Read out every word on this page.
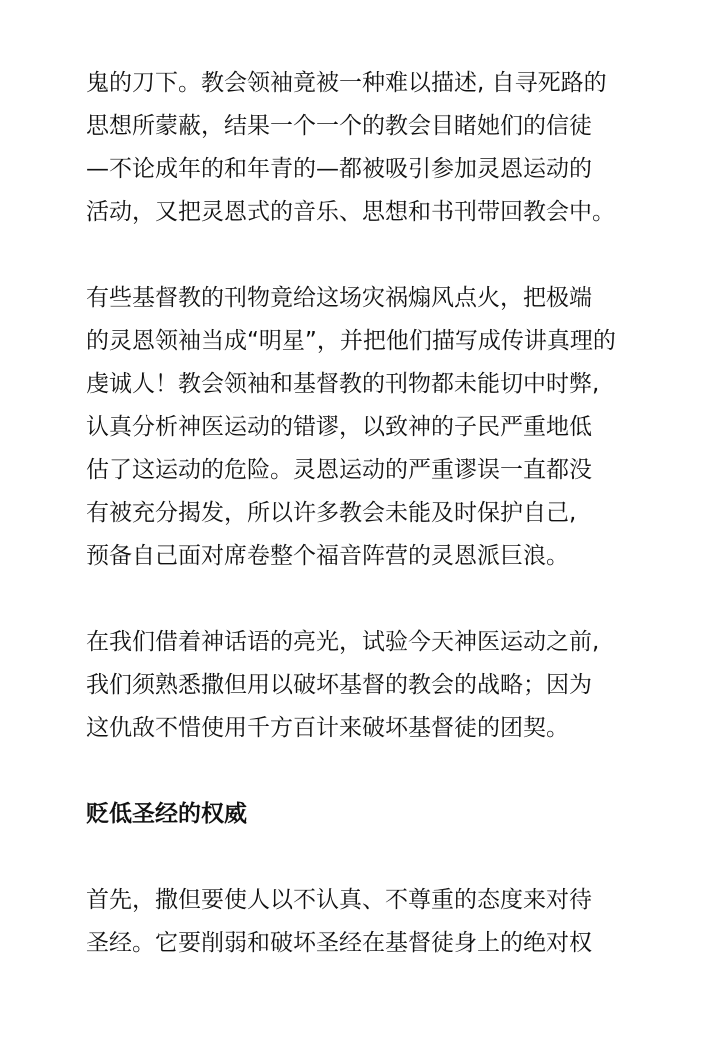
鬼的刀下。教会领袖竟被一种难以描述, 自寻死路的
思想所蒙蔽，结果一个一个的教会目睹她们的信徒
—不论成年的和年青的—都被吸引参加灵恩运动的
活动，又把灵恩式的音乐、思想和书刊带回教会中。
有些基督教的刊物竟给这场灾祸煽风点火，把极端
的灵恩领袖当成“明星”，并把他们描写成传讲真理的
虔诚人！教会领袖和基督教的刊物都未能切中时弊,
认真分析神医运动的错谬，以致神的子民严重地低
估了这运动的危险。灵恩运动的严重谬误一直都没
有被充分揭发，所以许多教会未能及时保护自己,
预备自己面对席卷整个福音阵营的灵恩派巨浪。
在我们借着神话语的亮光，试验今天神医运动之前,
我们须熟悉撒但用以破坏基督的教会的战略；因为
这仇敌不惜使用千方百计来破坏基督徒的团契。
贬低圣经的权威
首先，撒但要使人以不认真、不尊重的态度来对待
圣经。它要削弱和破坏圣经在基督徒身上的绝对权
